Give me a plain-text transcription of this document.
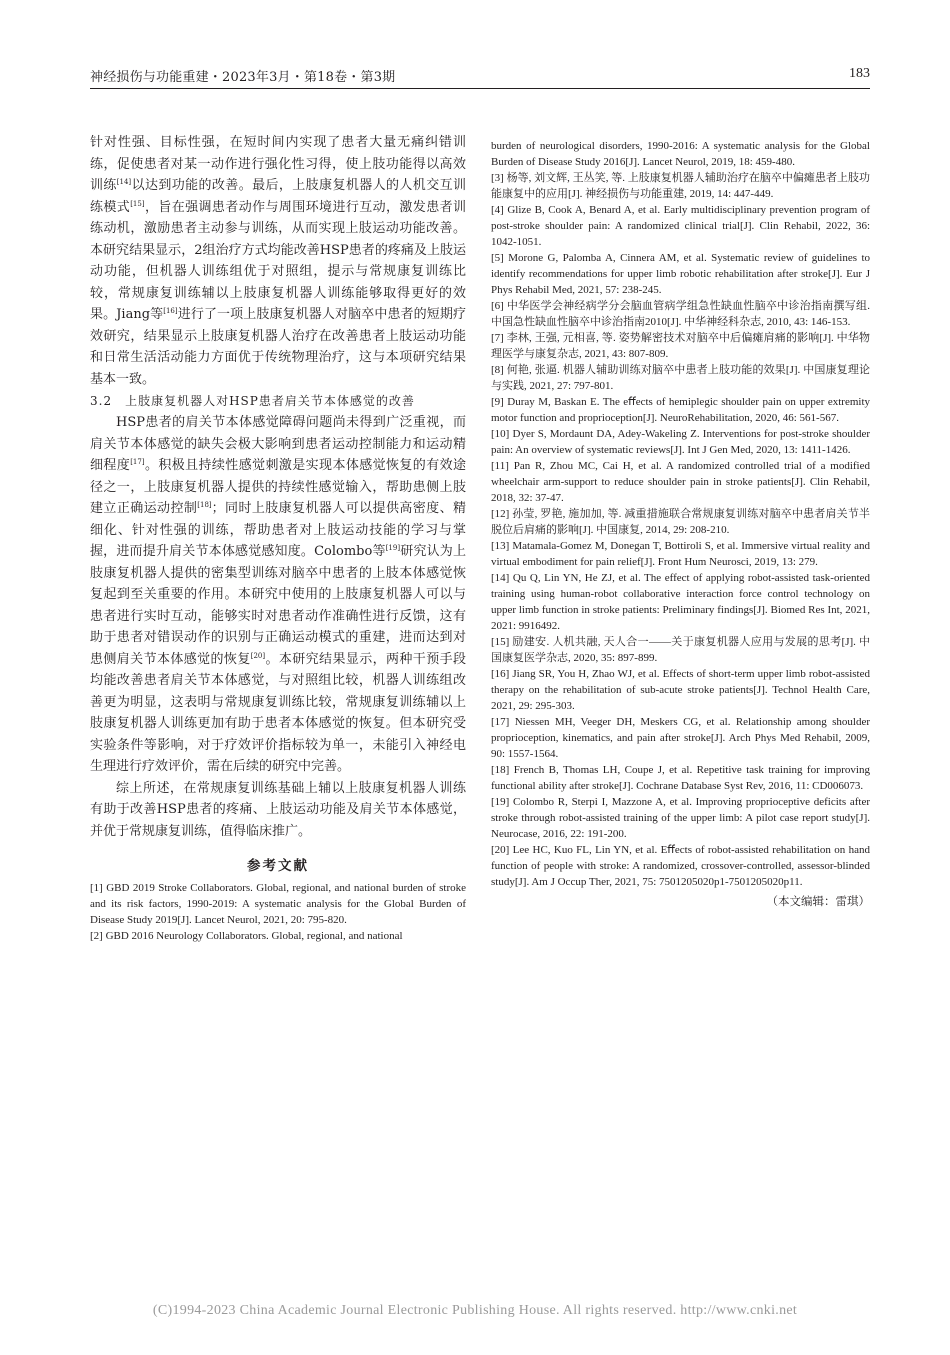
神经损伤与功能重建・2023年3月・第18卷・第3期	183

针对性强、目标性强，在短时间内实现了患者大量无痛纠错训练，促使患者对某一动作进行强化性习得，使上肢功能得以高效训练[14]以达到功能的改善。最后，上肢康复机器人的人机交互训练模式[15]，旨在强调患者动作与周围环境进行互动，激发患者训练动机，激励患者主动参与训练，从而实现上肢运动功能改善。本研究结果显示，2组治疗方式均能改善HSP患者的疼痛及上肢运动功能，但机器人训练组优于对照组，提示与常规康复训练比较，常规康复训练辅以上肢康复机器人训练能够取得更好的效果。Jiang等[16]进行了一项上肢康复机器人对脑卒中患者的短期疗效研究，结果显示上肢康复机器人治疗在改善患者上肢运动功能和日常生活活动能力方面优于传统物理治疗，这与本项研究结果基本一致。

3.2　上肢康复机器人对HSP患者肩关节本体感觉的改善

HSP患者的肩关节本体感觉障碍问题尚未得到广泛重视，而肩关节本体感觉的缺失会极大影响到患者运动控制能力和运动精细程度[17]。积极且持续性感觉刺激是实现本体感觉恢复的有效途径之一，上肢康复机器人提供的持续性感觉输入，帮助患侧上肢建立正确运动控制[18]；同时上肢康复机器人可以提供高密度、精细化、针对性强的训练，帮助患者对上肢运动技能的学习与掌握，进而提升肩关节本体感觉感知度。Colombo等[19]研究认为上肢康复机器人提供的密集型训练对脑卒中患者的上肢本体感觉恢复起到至关重要的作用。本研究中使用的上肢康复机器人可以与患者进行实时互动，能够实时对患者动作准确性进行反馈，这有助于患者对错误动作的识别与正确运动模式的重建，进而达到对患侧肩关节本体感觉的恢复[20]。本研究结果显示，两种干预手段均能改善患者肩关节本体感觉，与对照组比较，机器人训练组改善更为明显，这表明与常规康复训练比较，常规康复训练辅以上肢康复机器人训练更加有助于患者本体感觉的恢复。但本研究受实验条件等影响，对于疗效评价指标较为单一，未能引入神经电生理进行疗效评价，需在后续的研究中完善。

综上所述，在常规康复训练基础上辅以上肢康复机器人训练有助于改善HSP患者的疼痛、上肢运动功能及肩关节本体感觉，并优于常规康复训练，值得临床推广。

参考文献

[1] GBD 2019 Stroke Collaborators. Global, regional, and national burden of stroke and its risk factors, 1990-2019: A systematic analysis for the Global Burden of Disease Study 2019[J]. Lancet Neurol, 2021, 20: 795-820.

[2] GBD 2016 Neurology Collaborators. Global, regional, and national

burden of neurological disorders, 1990-2016: A systematic analysis for the Global Burden of Disease Study 2016[J]. Lancet Neurol, 2019, 18: 459-480.

[3] 杨等, 刘文辉, 王丛笑, 等. 上肢康复机器人辅助治疗在脑卒中偏瘫患者上肢功能康复中的应用[J]. 神经损伤与功能重建, 2019, 14: 447-449.

[4] Glize B, Cook A, Benard A, et al. Early multidisciplinary prevention program of post-stroke shoulder pain: A randomized clinical trial[J]. Clin Rehabil, 2022, 36: 1042-1051.

[5] Morone G, Palomba A, Cinnera AM, et al. Systematic review of guidelines to identify recommendations for upper limb robotic rehabilitation after stroke[J]. Eur J Phys Rehabil Med, 2021, 57: 238-245.

[6] 中华医学会神经病学分会脑血管病学组急性缺血性脑卒中诊治指南撰写组. 中国急性缺血性脑卒中诊治指南2010[J]. 中华神经科杂志, 2010, 43: 146-153.

[7] 李林, 王强, 元相喜, 等. 姿势解密技术对脑卒中后偏瘫肩痛的影响[J]. 中华物理医学与康复杂志, 2021, 43: 807-809.

[8] 何艳, 张逼. 机器人辅助训练对脑卒中患者上肢功能的效果[J]. 中国康复理论与实践, 2021, 27: 797-801.

[9] Duray M, Baskan E. The eﬀects of hemiplegic shoulder pain on upper extremity motor function and proprioception[J]. NeuroRehabilitation, 2020, 46: 561-567.

[10] Dyer S, Mordaunt DA, Adey-Wakeling Z. Interventions for post-stroke shoulder pain: An overview of systematic reviews[J]. Int J Gen Med, 2020, 13: 1411-1426.

[11] Pan R, Zhou MC, Cai H, et al. A randomized controlled trial of a modified wheelchair arm-support to reduce shoulder pain in stroke patients[J]. Clin Rehabil, 2018, 32: 37-47.

[12] 孙莹, 罗艳, 施加加, 等. 减重措施联合常规康复训练对脑卒中患者肩关节半脱位后肩痛的影响[J]. 中国康复, 2014, 29: 208-210.

[13] Matamala-Gomez M, Donegan T, Bottiroli S, et al. Immersive virtual reality and virtual embodiment for pain relief[J]. Front Hum Neurosci, 2019, 13: 279.

[14] Qu Q, Lin YN, He ZJ, et al. The effect of applying robot-assisted task-oriented training using human-robot collaborative interaction force control technology on upper limb function in stroke patients: Preliminary findings[J]. Biomed Res Int, 2021, 2021: 9916492.

[15] 励建安. 人机共融, 天人合一——关于康复机器人应用与发展的思考[J]. 中国康复医学杂志, 2020, 35: 897-899.

[16] Jiang SR, You H, Zhao WJ, et al. Effects of short-term upper limb robot-assisted therapy on the rehabilitation of sub-acute stroke patients[J]. Technol Health Care, 2021, 29: 295-303.

[17] Niessen MH, Veeger DH, Meskers CG, et al. Relationship among shoulder proprioception, kinematics, and pain after stroke[J]. Arch Phys Med Rehabil, 2009, 90: 1557-1564.

[18] French B, Thomas LH, Coupe J, et al. Repetitive task training for improving functional ability after stroke[J]. Cochrane Database Syst Rev, 2016, 11: CD006073.

[19] Colombo R, Sterpi I, Mazzone A, et al. Improving proprioceptive deficits after stroke through robot-assisted training of the upper limb: A pilot case report study[J]. Neurocase, 2016, 22: 191-200.

[20] Lee HC, Kuo FL, Lin YN, et al. Eﬀects of robot-assisted rehabilitation on hand function of people with stroke: A randomized, crossover-controlled, assessor-blinded study[J]. Am J Occup Ther, 2021, 75: 7501205020p1-7501205020p11.

（本文编辑：雷琪）
(C)1994-2023 China Academic Journal Electronic Publishing House. All rights reserved. http://www.cnki.net
